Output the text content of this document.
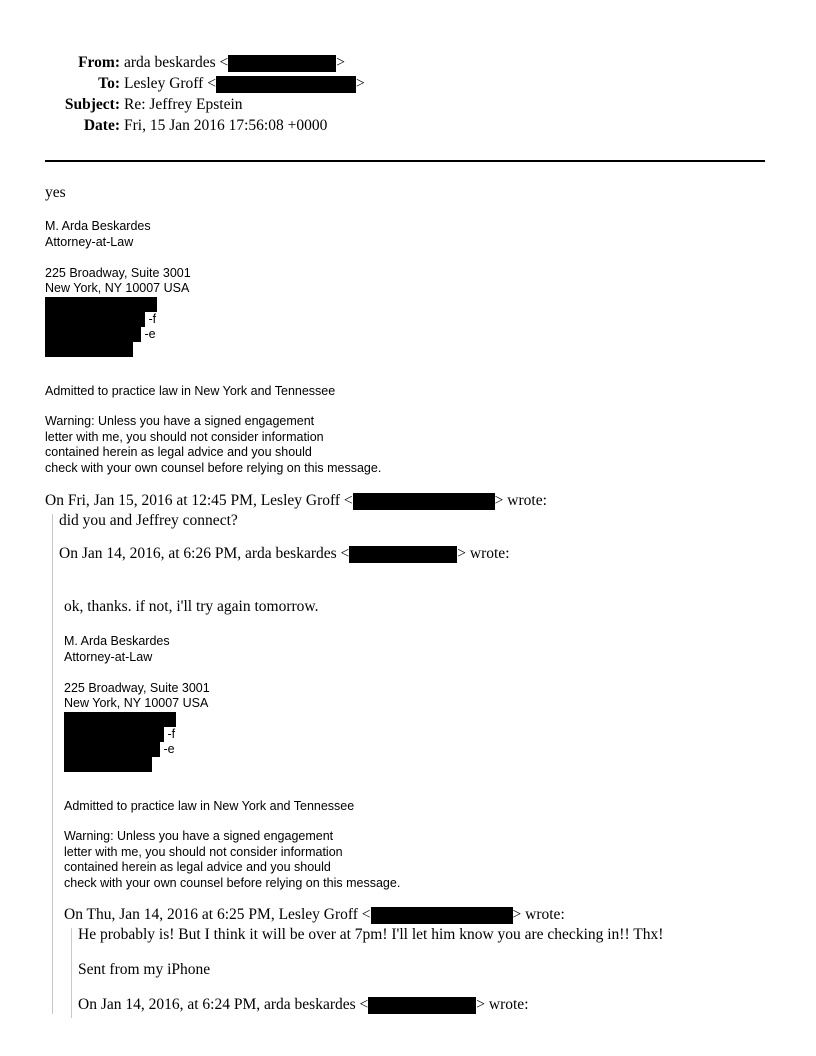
From: arda beskardes <	>
To: Lesley Groff <	>
Subject: Re: Jeffrey Epstein
Date: Fri, 15 Jan 2016 17:56:08 +0000
yes
M. Arda Beskardes
Attorney-at-Law
225 Broadway, Suite 3001
New York, NY 10007 USA
-f
-e
Admitted to practice law in New York and Tennessee
Warning: Unless you have a signed engagement
letter with me, you should not consider information
contained herein as legal advice and you should
check with your own counsel before relying on this message.
On Fri, Jan 15, 2016 at 12:45 PM, Lesley Groff <	> wrote:
did you and Jeffrey connect?
On Jan 14, 2016, at 6:26 PM, arda beskardes <	> wrote:
ok, thanks. if not, i'll try again tomorrow.
M. Arda Beskardes
Attorney-at-Law
225 Broadway, Suite 3001
New York, NY 10007 USA
-f
-e
Admitted to practice law in New York and Tennessee
Warning: Unless you have a signed engagement
letter with me, you should not consider information
contained herein as legal advice and you should
check with your own counsel before relying on this message.
On Thu, Jan 14, 2016 at 6:25 PM, Lesley Groff <	> wrote:
He probably is! But I think it will be over at 7pm! I'll let him know you are checking in!! Thx!
Sent from my iPhone
On Jan 14, 2016, at 6:24 PM, arda beskardes <	> wrote:
